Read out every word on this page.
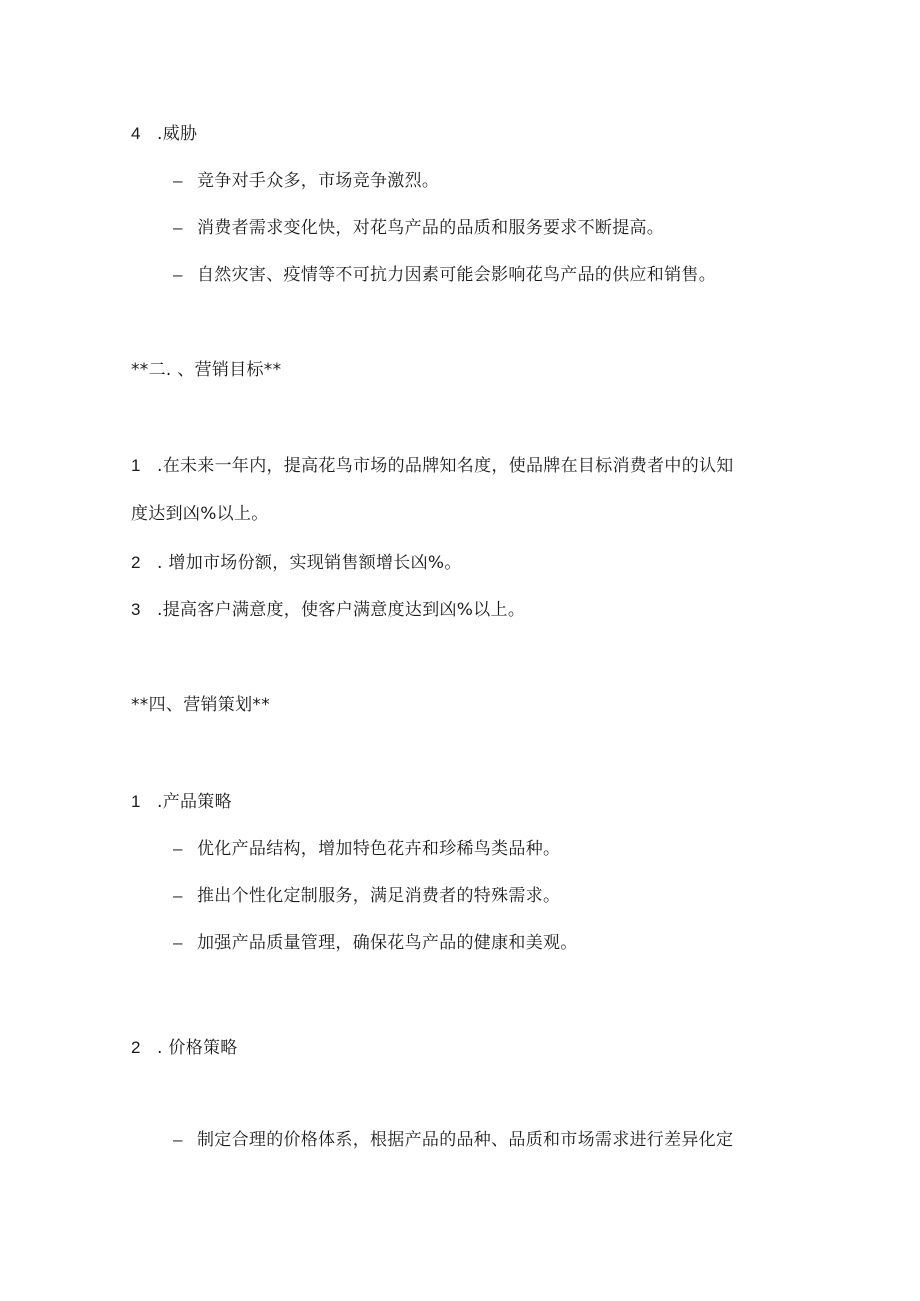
4 .威胁
– 竞争对手众多，市场竞争激烈。
– 消费者需求变化快，对花鸟产品的品质和服务要求不断提高。
– 自然灾害、疫情等不可抗力因素可能会影响花鸟产品的供应和销售。
**二. 、营销目标**
1 .在未来一年内，提高花鸟市场的品牌知名度，使品牌在目标消费者中的认知
度达到凶%以上。
2 . 增加市场份额，实现销售额增长凶%。
3 .提高客户满意度，使客户满意度达到凶%以上。
**四、营销策划**
1 .产品策略
– 优化产品结构，增加特色花卉和珍稀鸟类品种。
– 推出个性化定制服务，满足消费者的特殊需求。
– 加强产品质量管理，确保花鸟产品的健康和美观。
2 . 价格策略
– 制定合理的价格体系，根据产品的品种、品质和市场需求进行差异化定
